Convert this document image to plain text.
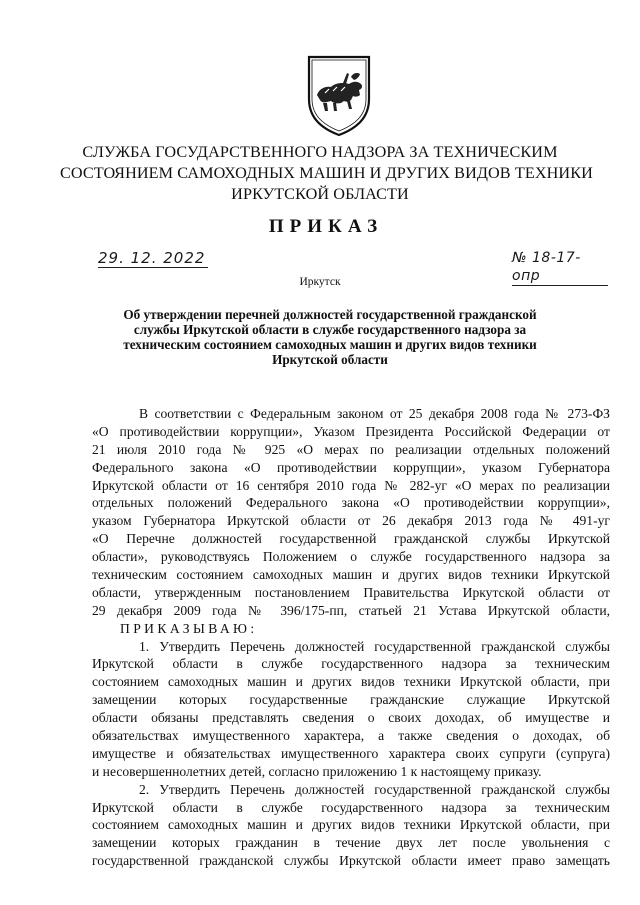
СЛУЖБА ГОСУДАРСТВЕННОГО НАДЗОРА ЗА ТЕХНИЧЕСКИМ
СОСТОЯНИЕМ САМОХОДНЫХ МАШИН И ДРУГИХ ВИДОВ ТЕХНИКИ
ИРКУТСКОЙ ОБЛАСТИ
ПРИКАЗ
29. 12. 2022	№ 18-17-опр
Иркутск
Об утверждении перечней должностей государственной гражданской
службы Иркутской области в службе государственного надзора за
техническим состоянием самоходных машин и других видов техники
Иркутской области
В соответствии с Федеральным законом от 25 декабря 2008 года № 273-ФЗ
«О противодействии коррупции», Указом Президента Российской Федерации от
21 июля 2010 года № 925 «О мерах по реализации отдельных положений
Федерального закона «О противодействии коррупции», указом Губернатора
Иркутской области от 16 сентября 2010 года № 282-уг «О мерах по реализации
отдельных положений Федерального закона «О противодействии коррупции»,
указом Губернатора Иркутской области от 26 декабря 2013 года № 491-уг
«О Перечне должностей государственной гражданской службы Иркутской
области», руководствуясь Положением о службе государственного надзора за
техническим состоянием самоходных машин и других видов техники Иркутской
области, утвержденным постановлением Правительства Иркутской области от
29 декабря 2009 года № 396/175-пп, статьей 21 Устава Иркутской области,
ПРИКАЗЫВАЮ:
1. Утвердить Перечень должностей государственной гражданской службы
Иркутской области в службе государственного надзора за техническим
состоянием самоходных машин и других видов техники Иркутской области, при
замещении которых государственные гражданские служащие Иркутской
области обязаны представлять сведения о своих доходах, об имуществе и
обязательствах имущественного характера, а также сведения о доходах, об
имуществе и обязательствах имущественного характера своих супруги (супруга)
и несовершеннолетних детей, согласно приложению 1 к настоящему приказу.
2. Утвердить Перечень должностей государственной гражданской службы
Иркутской области в службе государственного надзора за техническим
состоянием самоходных машин и других видов техники Иркутской области, при
замещении которых гражданин в течение двух лет после увольнения с
государственной гражданской службы Иркутской области имеет право замещать
